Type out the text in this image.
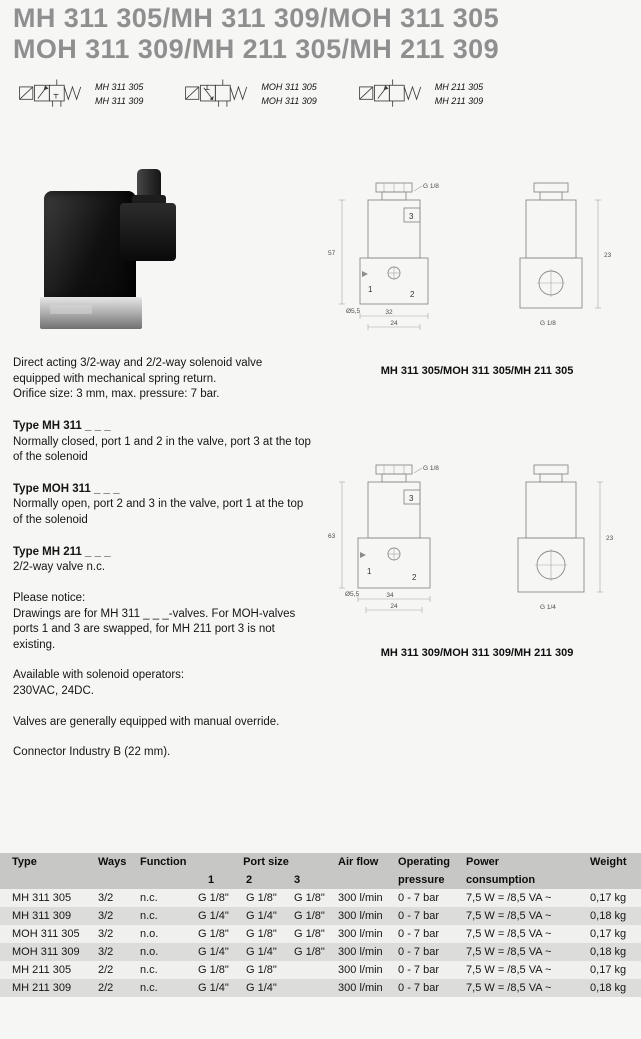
MH 311 305/MH 311 309/MOH 311 305
MOH 311 309/MH 211 305/MH 211 309
MH 311 305
MH 311 309
MOH 311 305
MOH 311 309
MH 211 305
MH 211 309

Direct acting 3/2-way and 2/2-way solenoid valve
equipped with mechanical spring return.
Orifice size: 3 mm, max. pressure: 7 bar.

Type MH 311 _ _ _

Normally closed, port 1 and 2 in the valve, port 3 at the top of the solenoid

Type MOH 311 _ _ _

Normally open, port 2 and 3 in the valve, port 1 at the top of the solenoid

Type MH 211 _ _ _

2/2-way valve n.c.

Please notice:

Drawings are for MH 311 _ _ _-valves. For MOH-valves ports 1 and 3 are swapped, for MH 211 port 3 is not existing.

Available with solenoid operators:

230VAC, 24DC.

Valves are generally equipped with manual override.

Connector Industry B (22 mm).

G 1/8
3
1
2
57
32
24
Ø5,5
23
G 1/8
MH 311 305/MOH 311 305/MH 211 305
G 1/8
3
1
2
63
34
24
Ø5,5
23
G 1/4
MH 311 309/MOH 311 309/MH 211 309
Type	Ways	Function	Port size			Air flow	Operating	Power	Weight
			1	2	3		pressure	consumption	
MH 311 305	3/2	n.c.	G 1/8"	G 1/8"	G 1/8"	300 l/min	0 - 7 bar	7,5 W = /8,5 VA ~	0,17 kg
MH 311 309	3/2	n.c.	G 1/4"	G 1/4"	G 1/8"	300 l/min	0 - 7 bar	7,5 W = /8,5 VA ~	0,18 kg
MOH 311 305	3/2	n.o.	G 1/8"	G 1/8"	G 1/8"	300 l/min	0 - 7 bar	7,5 W = /8,5 VA ~	0,17 kg
MOH 311 309	3/2	n.o.	G 1/4"	G 1/4"	G 1/8"	300 l/min	0 - 7 bar	7,5 W = /8,5 VA ~	0,18 kg
MH 211 305	2/2	n.c.	G 1/8"	G 1/8"		300 l/min	0 - 7 bar	7,5 W = /8,5 VA ~	0,17 kg
MH 211 309	2/2	n.c.	G 1/4"	G 1/4"		300 l/min	0 - 7 bar	7,5 W = /8,5 VA ~	0,18 kg
